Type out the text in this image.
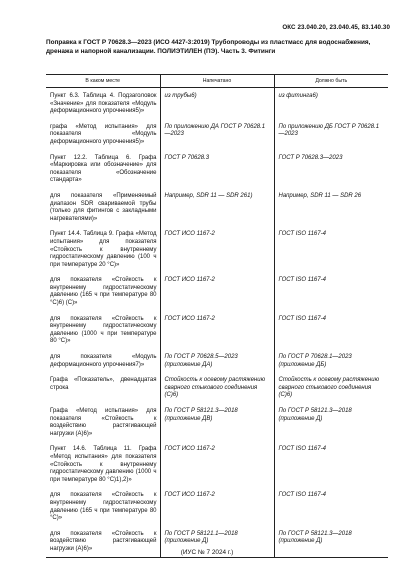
ОКС 23.040.20, 23.040.45, 83.140.30
Поправка к ГОСТ Р 70628.3—2023 (ИСО 4427-3:2019) Трубопроводы из пластмасс для водоснабжения, дренажа и напорной канализации. ПОЛИЭТИЛЕН (ПЭ). Часть 3. Фитинги
В каком месте	Напечатано	Должно быть
Пункт 6.3. Таблица 4. Подзаголовок «Значение» для показателя «Модуль деформационного упрочнения5)»	из трубы6)	из фитинга6)
графа «Метод испытания» для показателя «Модуль деформационного упрочнения5)»	По приложению ДА ГОСТ Р 70628.1—2023	По приложению ДБ ГОСТ Р 70628.1—2023
Пункт 12.2. Таблица 6. Графа «Маркировка или обозначение» для показателя «Обозначение стандарта»	ГОСТ Р 70628.3	ГОСТ Р 70628.3—2023
для показателя «Применяемый диапазон SDR свариваемой трубы (только для фитингов с закладными нагревателями)»	Например, SDR 11 — SDR 261)	Например, SDR 11 — SDR 26
Пункт 14.4. Таблица 9. Графа «Метод испытания» для показателя «Стойкость к внутреннему гидростатическому давлению (100 ч при температуре 20 °С)»	ГОСТ ИСО 1167-2	ГОСТ ISO 1167-4
для показателя «Стойкость к внутреннему гидростатическому давлению (165 ч при температуре 80 °С)6) (С)»	ГОСТ ИСО 1167-2	ГОСТ ISO 1167-4
для показателя «Стойкость к внутреннему гидростатическому давлению (1000 ч при температуре 80 °С)»	ГОСТ ИСО 1167-2	ГОСТ ISO 1167-4
для показателя «Модуль деформационного упрочнения7)»	По ГОСТ Р 70628.5—2023 (приложение ДА)	По ГОСТ Р 70628.1—2023 (приложение ДБ)
Графа «Показатель», двенадцатая строка	Стойкость к осевому растяжению сварного стыкового соединения (С)6)	Стойкость к осевому растяжению сварного стыкового соединения (С)6)
Графа «Метод испытания» для показателя «Стойкость к воздействию растягивающей нагрузки (А)6)»	По ГОСТ Р 58121.3—2018 (приложение ДВ)	По ГОСТ Р 58121.3—2018 (приложение Д)
Пункт 14.6. Таблица 11. Графа «Метод испытания» для показателя «Стойкость к внутреннему гидростатическому давлению (1000 ч при температуре 80 °С)1),2)»	ГОСТ ИСО 1167-2	ГОСТ ISO 1167-4
для показателя «Стойкость к внутреннему гидростатическому давлению (165 ч при температуре 80 °С)»	ГОСТ ИСО 1167-2	ГОСТ ISO 1167-4
для показателя «Стойкость к воздействию растягивающей нагрузки (А)6)»	По ГОСТ Р 58121.1—2018 (приложение Д)	По ГОСТ Р 58121.3—2018 (приложение Д)
(ИУС № 7 2024 г.)
